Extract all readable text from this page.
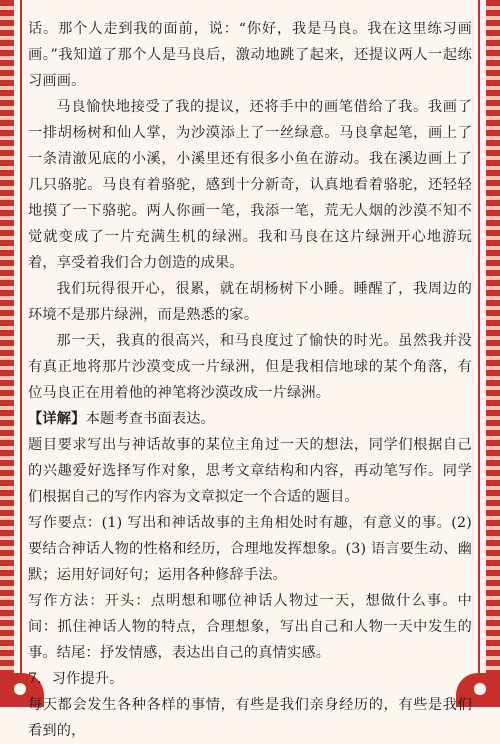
话。那个人走到我的面前，说：“你好，我是马良。我在这里练习画画。”我知道了那个人是马良后，激动地跳了起来，还提议两人一起练习画画。

马良愉快地接受了我的提议，还将手中的画笔借给了我。我画了一排胡杨树和仙人掌，为沙漠添上了一丝绿意。马良拿起笔，画上了一条清澈见底的小溪，小溪里还有很多小鱼在游动。我在溪边画上了几只骆驼。马良有着骆驼，感到十分新奇，认真地看着骆驼，还轻轻地摸了一下骆驼。两人你画一笔，我添一笔，荒无人烟的沙漠不知不觉就变成了一片充满生机的绿洲。我和马良在这片绿洲开心地游玩着，享受着我们合力创造的成果。

我们玩得很开心，很累，就在胡杨树下小睡。睡醒了，我周边的环境不是那片绿洲，而是熟悉的家。

那一天，我真的很高兴，和马良度过了愉快的时光。虽然我并没有真正地将那片沙漠变成一片绿洲，但是我相信地球的某个角落，有位马良正在用着他的神笔将沙漠改成一片绿洲。

【详解】本题考查书面表达。

题目要求写出与神话故事的某位主角过一天的想法，同学们根据自己的兴趣爱好选择写作对象，思考文章结构和内容，再动笔写作。同学们根据自己的写作内容为文章拟定一个合适的题目。

写作要点：(1) 写出和神话故事的主角相处时有趣，有意义的事。(2) 要结合神话人物的性格和经历，合理地发挥想象。(3) 语言要生动、幽默；运用好词好句；运用各种修辞手法。

写作方法：开头：点明想和哪位神话人物过一天，想做什么事。中间：抓住神话人物的特点，合理想象，写出自己和人物一天中发生的事。结尾：抒发情感，表达出自己的真情实感。

7．习作提升。

每天都会发生各种各样的事情，有些是我们亲身经历的，有些是我们看到的，
